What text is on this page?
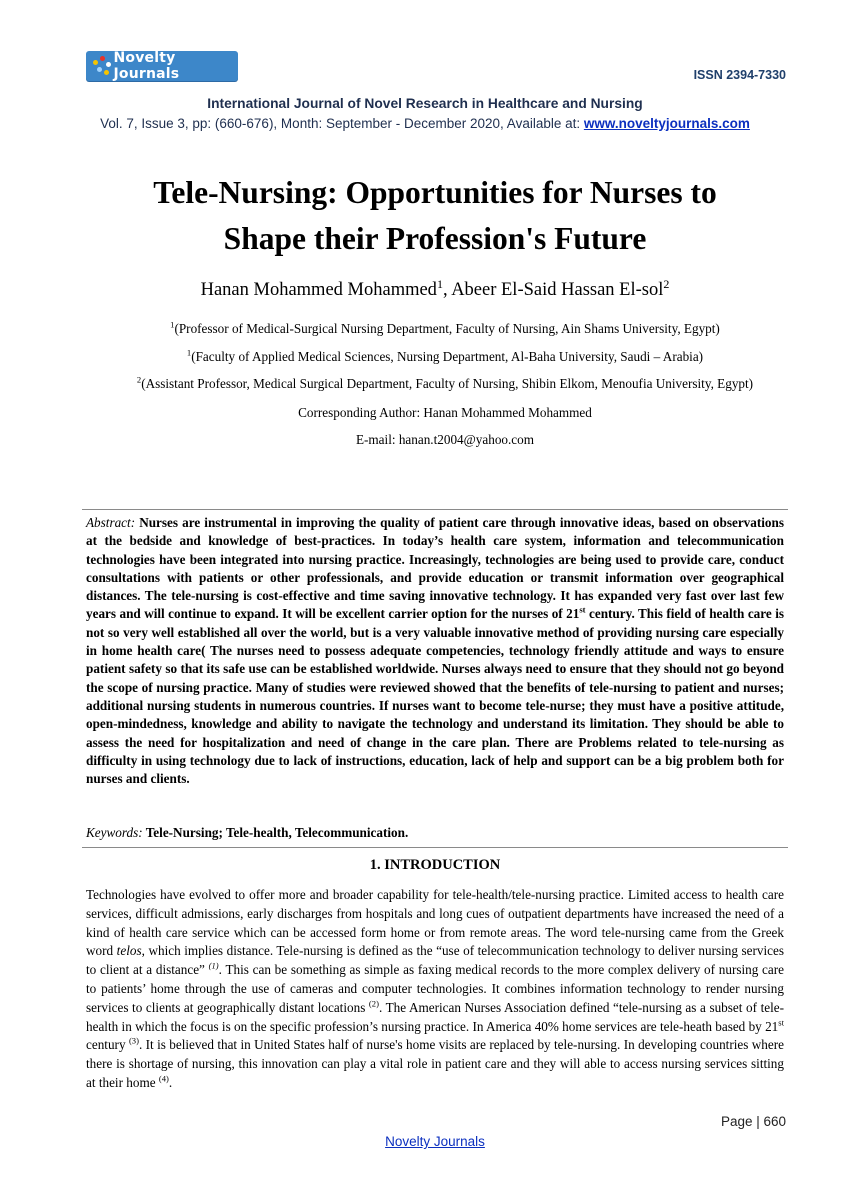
Novelty Journals	ISSN 2394-7330
International Journal of Novel Research in Healthcare and Nursing
Vol. 7, Issue 3, pp: (660-676), Month: September - December 2020, Available at: www.noveltyjournals.com
Tele-Nursing: Opportunities for Nurses to
Shape their Profession's Future
Hanan Mohammed Mohammed$^1$, Abeer El-Said Hassan El-sol$^2$
$^1$(Professor of Medical-Surgical Nursing Department, Faculty of Nursing, Ain Shams University, Egypt)
$^1$(Faculty of Applied Medical Sciences, Nursing Department, Al-Baha University, Saudi – Arabia)
$^2$(Assistant Professor, Medical Surgical Department, Faculty of Nursing, Shibin Elkom, Menoufia University, Egypt)
Corresponding Author: Hanan Mohammed Mohammed
E-mail: hanan.t2004@yahoo.com
Abstract: Nurses are instrumental in improving the quality of patient care through innovative ideas, based on observations at the bedside and knowledge of best-practices. In today’s health care system, information and telecommunication technologies have been integrated into nursing practice. Increasingly, technologies are being used to provide care, conduct consultations with patients or other professionals, and provide education or transmit information over geographical distances. The tele-nursing is cost-effective and time saving innovative technology. It has expanded very fast over last few years and will continue to expand. It will be excellent carrier option for the nurses of 21st century. This field of health care is not so very well established all over the world, but is a very valuable innovative method of providing nursing care especially in home health care( The nurses need to possess adequate competencies, technology friendly attitude and ways to ensure patient safety so that its safe use can be established worldwide. Nurses always need to ensure that they should not go beyond the scope of nursing practice. Many of studies were reviewed showed that the benefits of tele-nursing to patient and nurses; additional nursing students in numerous countries. If nurses want to become tele-nurse; they must have a positive attitude, open-mindedness, knowledge and ability to navigate the technology and understand its limitation. They should be able to assess the need for hospitalization and need of change in the care plan. There are Problems related to tele-nursing as difficulty in using technology due to lack of instructions, education, lack of help and support can be a big problem both for nurses and clients.
Keywords: Tele-Nursing; Tele-health, Telecommunication.
1. INTRODUCTION
Technologies have evolved to offer more and broader capability for tele-health/tele-nursing practice. Limited access to health care services, difficult admissions, early discharges from hospitals and long cues of outpatient departments have increased the need of a kind of health care service which can be accessed form home or from remote areas. The word tele-nursing came from the Greek word telos, which implies distance. Tele-nursing is defined as the “use of telecommunication technology to deliver nursing services to client at a distance” $^{(1)}$. This can be something as simple as faxing medical records to the more complex delivery of nursing care to patients’ home through the use of cameras and computer technologies. It combines information technology to render nursing services to clients at geographically distant locations $^{(2)}$. The American Nurses Association defined “tele-nursing as a subset of tele-health in which the focus is on the specific profession’s nursing practice. In America 40% home services are tele-heath based by 21st century $^{(3)}$. It is believed that in United States half of nurse's home visits are replaced by tele-nursing. In developing countries where there is shortage of nursing, this innovation can play a vital role in patient care and they will able to access nursing services sitting at their home $^{(4)}$.
Page | 660
Novelty Journals
